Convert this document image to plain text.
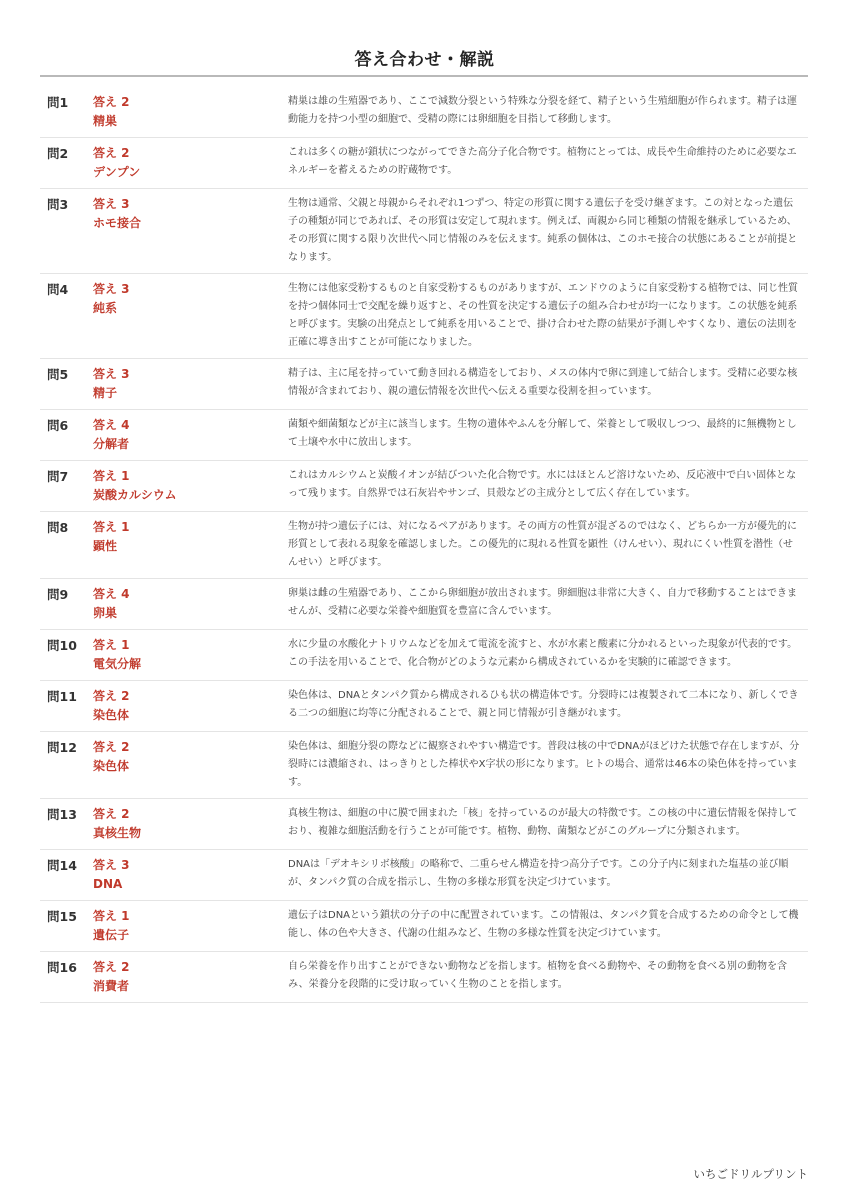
答え合わせ・解説
問1	答え 2
精巣
精巣は雄の生殖器であり、ここで減数分裂という特殊な分裂を経て、精子という生殖細胞が作られます。精子は運動能力を持つ小型の細胞で、受精の際には卵細胞を目指して移動します。
問2	答え 2
デンプン
これは多くの糖が鎖状につながってできた高分子化合物です。植物にとっては、成長や生命維持のために必要なエネルギーを蓄えるための貯蔵物です。
問3	答え 3
ホモ接合
生物は通常、父親と母親からそれぞれ1つずつ、特定の形質に関する遺伝子を受け継ぎます。この対となった遺伝子の種類が同じであれば、その形質は安定して現れます。例えば、両親から同じ種類の情報を継承しているため、その形質に関する限り次世代へ同じ情報のみを伝えます。純系の個体は、このホモ接合の状態にあることが前提となります。
問4	答え 3
純系
生物には他家受粉するものと自家受粉するものがありますが、エンドウのように自家受粉する植物では、同じ性質を持つ個体同士で交配を繰り返すと、その性質を決定する遺伝子の組み合わせが均一になります。この状態を純系と呼びます。実験の出発点として純系を用いることで、掛け合わせた際の結果が予測しやすくなり、遺伝の法則を正確に導き出すことが可能になりました。
問5	答え 3
精子
精子は、主に尾を持っていて動き回れる構造をしており、メスの体内で卵に到達して結合します。受精に必要な核情報が含まれており、親の遺伝情報を次世代へ伝える重要な役割を担っています。
問6	答え 4
分解者
菌類や細菌類などが主に該当します。生物の遺体やふんを分解して、栄養として吸収しつつ、最終的に無機物として土壌や水中に放出します。
問7	答え 1
炭酸カルシウム
これはカルシウムと炭酸イオンが結びついた化合物です。水にはほとんど溶けないため、反応液中で白い固体となって残ります。自然界では石灰岩やサンゴ、貝殻などの主成分として広く存在しています。
問8	答え 1
顕性
生物が持つ遺伝子には、対になるペアがあります。その両方の性質が混ざるのではなく、どちらか一方が優先的に形質として表れる現象を確認しました。この優先的に現れる性質を顕性（けんせい）、現れにくい性質を潜性（せんせい）と呼びます。
問9	答え 4
卵巣
卵巣は雌の生殖器であり、ここから卵細胞が放出されます。卵細胞は非常に大きく、自力で移動することはできませんが、受精に必要な栄養や細胞質を豊富に含んでいます。
問10	答え 1
電気分解
水に少量の水酸化ナトリウムなどを加えて電流を流すと、水が水素と酸素に分かれるといった現象が代表的です。この手法を用いることで、化合物がどのような元素から構成されているかを実験的に確認できます。
問11	答え 2
染色体
染色体は、DNAとタンパク質から構成されるひも状の構造体です。分裂時には複製されて二本になり、新しくできる二つの細胞に均等に分配されることで、親と同じ情報が引き継がれます。
問12	答え 2
染色体
染色体は、細胞分裂の際などに観察されやすい構造です。普段は核の中でDNAがほどけた状態で存在しますが、分裂時には濃縮され、はっきりとした棒状やX字状の形になります。ヒトの場合、通常は46本の染色体を持っています。
問13	答え 2
真核生物
真核生物は、細胞の中に膜で囲まれた「核」を持っているのが最大の特徴です。この核の中に遺伝情報を保持しており、複雑な細胞活動を行うことが可能です。植物、動物、菌類などがこのグループに分類されます。
問14	答え 3
DNA
DNAは「デオキシリボ核酸」の略称で、二重らせん構造を持つ高分子です。この分子内に刻まれた塩基の並び順が、タンパク質の合成を指示し、生物の多様な形質を決定づけています。
問15	答え 1
遺伝子
遺伝子はDNAという鎖状の分子の中に配置されています。この情報は、タンパク質を合成するための命令として機能し、体の色や大きさ、代謝の仕組みなど、生物の多様な性質を決定づけています。
問16	答え 2
消費者
自ら栄養を作り出すことができない動物などを指します。植物を食べる動物や、その動物を食べる別の動物を含み、栄養分を段階的に受け取っていく生物のことを指します。
いちごドリルプリント
